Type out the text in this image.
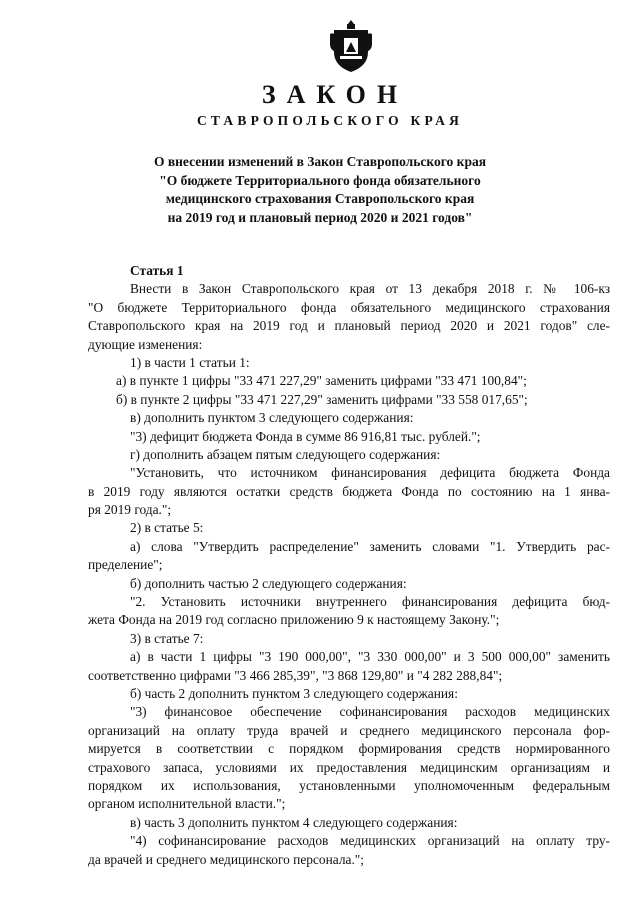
ЗАКОН
СТАВРОПОЛЬСКОГО КРАЯ
О внесении изменений в Закон Ставропольского края
"О бюджете Территориального фонда обязательного
медицинского страхования Ставропольского края
на 2019 год и плановый период 2020 и 2021 годов"
Статья 1
Внести в Закон Ставропольского края от 13 декабря 2018 г. № 106-кз
"О бюджете Территориального фонда обязательного медицинского страхования
Ставропольского края на 2019 год и плановый период 2020 и 2021 годов" сле-
дующие изменения:
1) в части 1 статьи 1:
а) в пункте 1 цифры "33 471 227,29" заменить цифрами "33 471 100,84";
б) в пункте 2 цифры "33 471 227,29" заменить цифрами "33 558 017,65";
в) дополнить пунктом 3 следующего содержания:
"3) дефицит бюджета Фонда в сумме 86 916,81 тыс. рублей.";
г) дополнить абзацем пятым следующего содержания:
"Установить, что источником финансирования дефицита бюджета Фонда
в 2019 году являются остатки средств бюджета Фонда по состоянию на 1 янва-
ря 2019 года.";
2) в статье 5:
а) слова "Утвердить распределение" заменить словами "1. Утвердить рас-
пределение";
б) дополнить частью 2 следующего содержания:
"2. Установить источники внутреннего финансирования дефицита бюд-
жета Фонда на 2019 год согласно приложению 9 к настоящему Закону.";
3) в статье 7:
а) в части 1 цифры "3 190 000,00", "3 330 000,00" и 3 500 000,00" заменить
соответственно цифрами "3 466 285,39", "3 868 129,80" и "4 282 288,84";
б) часть 2 дополнить пунктом 3 следующего содержания:
"3) финансовое обеспечение софинансирования расходов медицинских
организаций на оплату труда врачей и среднего медицинского персонала фор-
мируется в соответствии с порядком формирования средств нормированного
страхового запаса, условиями их предоставления медицинским организациям и
порядком их использования, установленными уполномоченным федеральным
органом исполнительной власти.";
в) часть 3 дополнить пунктом 4 следующего содержания:
"4) софинансирование расходов медицинских организаций на оплату тру-
да врачей и среднего медицинского персонала.";
